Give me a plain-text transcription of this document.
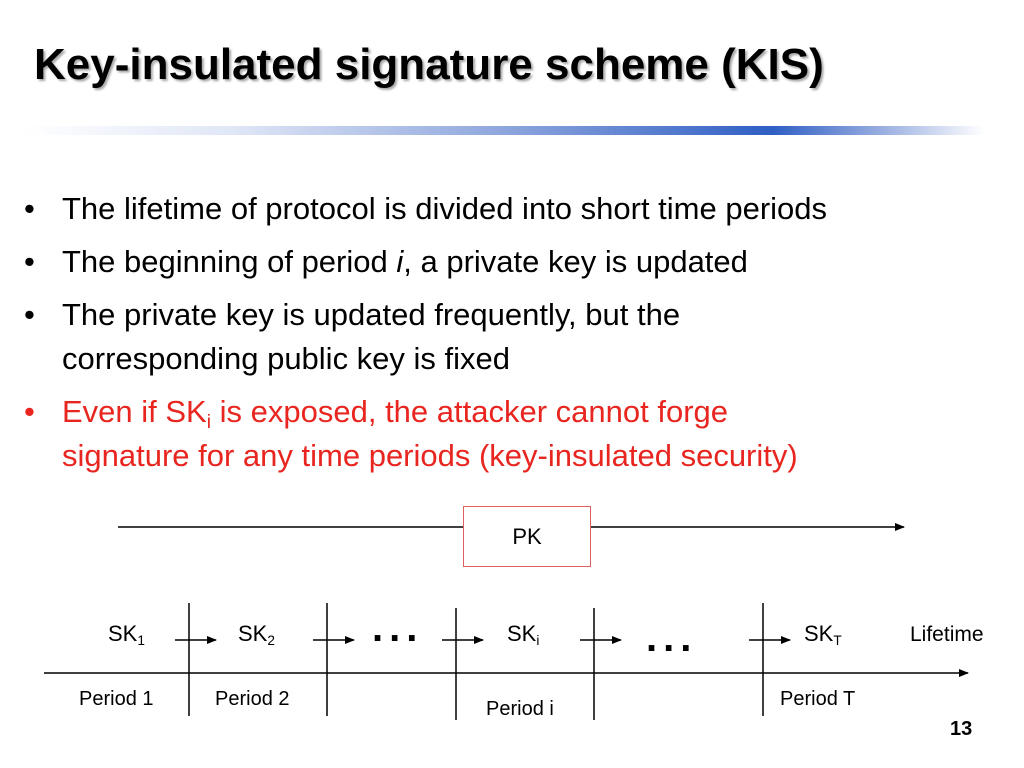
Key-insulated signature scheme (KIS)
• The lifetime of protocol is divided into short time periods
• The beginning of period i, a private key is updated
• The private key is updated frequently, but the
corresponding public key is fixed
• Even if $SK_i$ is exposed, the attacker cannot forge
signature for any time periods (key-insulated security)
PK
$SK_1$	$SK_2$	$SK_i$	$SK_T$
...	...	Lifetime
Period 1	Period 2	Period i	Period T
13
